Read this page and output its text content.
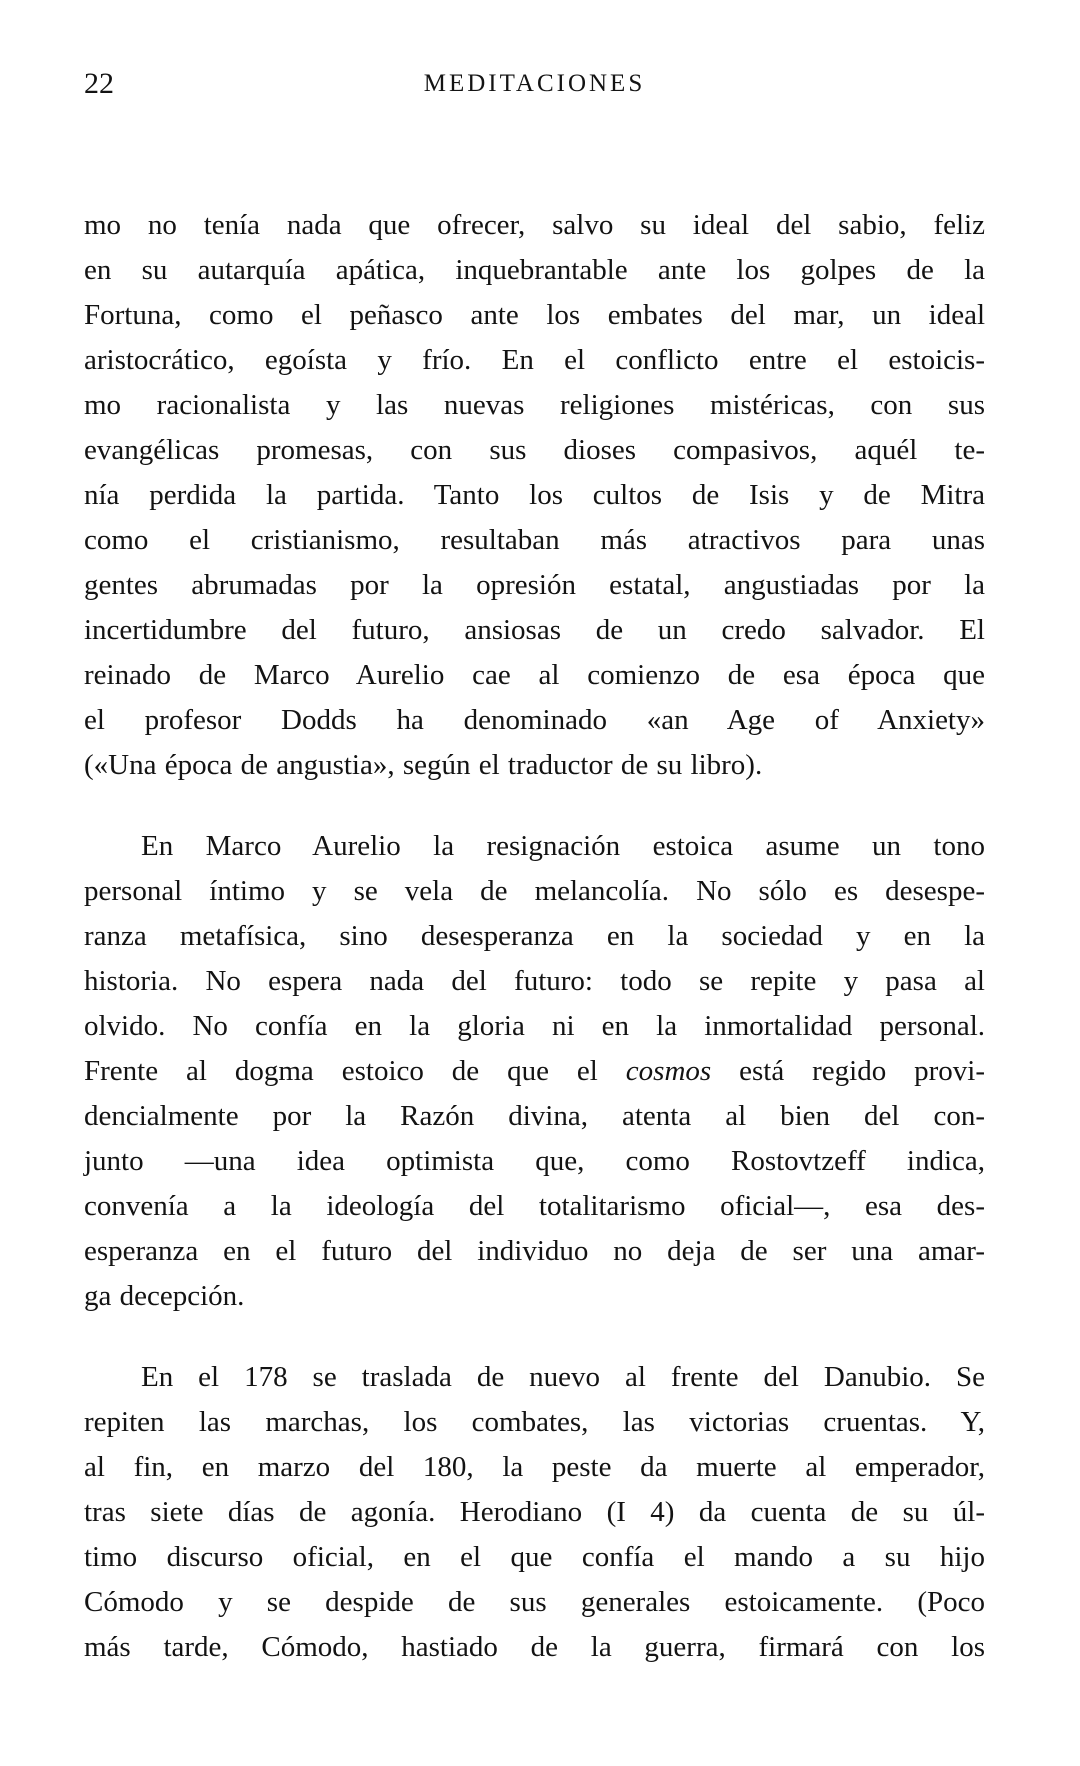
22	MEDITACIONES
mo no tenía nada que ofrecer, salvo su ideal del sabio, feliz
en su autarquía apática, inquebrantable ante los golpes de la
Fortuna, como el peñasco ante los embates del mar, un ideal
aristocrático, egoísta y frío. En el conflicto entre el estoicis-
mo racionalista y las nuevas religiones mistéricas, con sus
evangélicas promesas, con sus dioses compasivos, aquél te-
nía perdida la partida. Tanto los cultos de Isis y de Mitra
como el cristianismo, resultaban más atractivos para unas
gentes abrumadas por la opresión estatal, angustiadas por la
incertidumbre del futuro, ansiosas de un credo salvador. El
reinado de Marco Aurelio cae al comienzo de esa época que
el profesor Dodds ha denominado «an Age of Anxiety»
(«Una época de angustia», según el traductor de su libro).
En Marco Aurelio la resignación estoica asume un tono
personal íntimo y se vela de melancolía. No sólo es desespe-
ranza metafísica, sino desesperanza en la sociedad y en la
historia. No espera nada del futuro: todo se repite y pasa al
olvido. No confía en la gloria ni en la inmortalidad personal.
Frente al dogma estoico de que el cosmos está regido provi-
dencialmente por la Razón divina, atenta al bien del con-
junto —una idea optimista que, como Rostovtzeff indica,
convenía a la ideología del totalitarismo oficial—, esa des-
esperanza en el futuro del individuo no deja de ser una amar-
ga decepción.
En el 178 se traslada de nuevo al frente del Danubio. Se
repiten las marchas, los combates, las victorias cruentas. Y,
al fin, en marzo del 180, la peste da muerte al emperador,
tras siete días de agonía. Herodiano (I 4) da cuenta de su úl-
timo discurso oficial, en el que confía el mando a su hijo
Cómodo y se despide de sus generales estoicamente. (Poco
más tarde, Cómodo, hastiado de la guerra, firmará con los
